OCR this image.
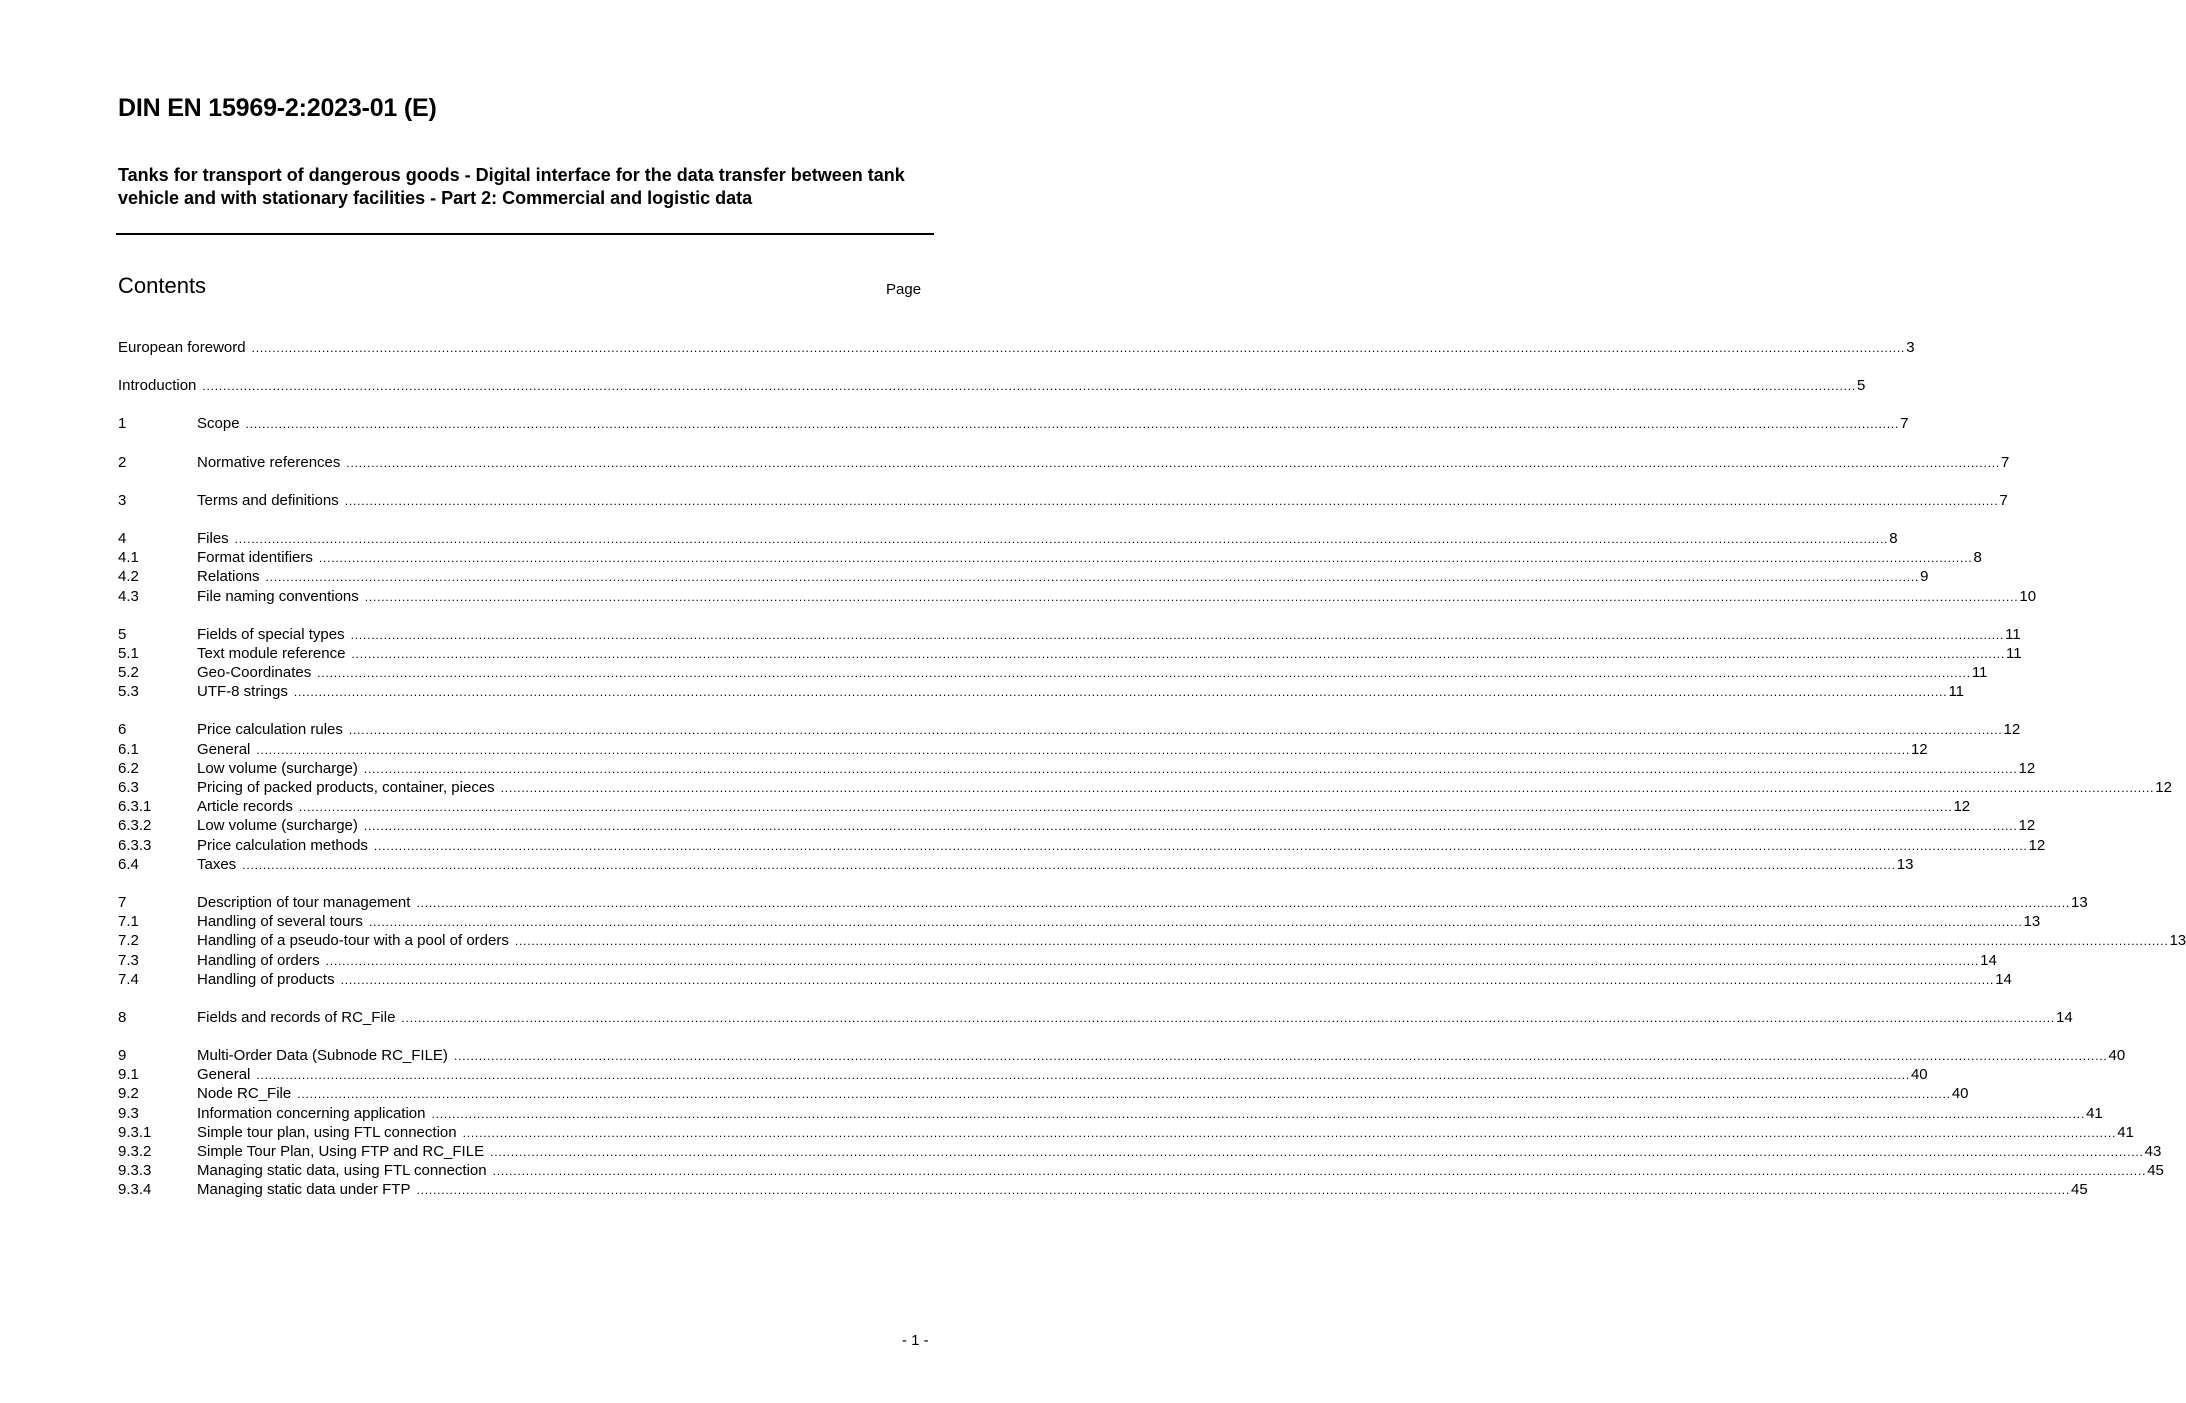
DIN EN 15969-2:2023-01 (E)
Tanks for transport of dangerous goods - Digital interface for the data transfer between tank vehicle and with stationary facilities - Part 2: Commercial and logistic data
Contents	Page
European foreword ................................................................................................................................................................................................................................................................................................................................................................................................................ 3
Introduction ................................................................................................................................................................................................................................................................................................................................................................................................................ 5
1	Scope ................................................................................................................................................................................................................................................................................................................................................................................................................ 7
2	Normative references ................................................................................................................................................................................................................................................................................................................................................................................................................ 7
3	Terms and definitions ................................................................................................................................................................................................................................................................................................................................................................................................................ 7
4	Files ................................................................................................................................................................................................................................................................................................................................................................................................................ 8
4.1	Format identifiers ................................................................................................................................................................................................................................................................................................................................................................................................................ 8
4.2	Relations ................................................................................................................................................................................................................................................................................................................................................................................................................ 9
4.3	File naming conventions ................................................................................................................................................................................................................................................................................................................................................................................................................ 10
5	Fields of special types ................................................................................................................................................................................................................................................................................................................................................................................................................ 11
5.1	Text module reference ................................................................................................................................................................................................................................................................................................................................................................................................................ 11
5.2	Geo-Coordinates ................................................................................................................................................................................................................................................................................................................................................................................................................ 11
5.3	UTF-8 strings ................................................................................................................................................................................................................................................................................................................................................................................................................ 11
6	Price calculation rules ................................................................................................................................................................................................................................................................................................................................................................................................................ 12
6.1	General ................................................................................................................................................................................................................................................................................................................................................................................................................ 12
6.2	Low volume (surcharge) ................................................................................................................................................................................................................................................................................................................................................................................................................ 12
6.3	Pricing of packed products, container, pieces ................................................................................................................................................................................................................................................................................................................................................................................................................ 12
6.3.1	Article records ................................................................................................................................................................................................................................................................................................................................................................................................................ 12
6.3.2	Low volume (surcharge) ................................................................................................................................................................................................................................................................................................................................................................................................................ 12
6.3.3	Price calculation methods ................................................................................................................................................................................................................................................................................................................................................................................................................ 12
6.4	Taxes ................................................................................................................................................................................................................................................................................................................................................................................................................ 13
7	Description of tour management ................................................................................................................................................................................................................................................................................................................................................................................................................ 13
7.1	Handling of several tours ................................................................................................................................................................................................................................................................................................................................................................................................................ 13
7.2	Handling of a pseudo-tour with a pool of orders ................................................................................................................................................................................................................................................................................................................................................................................................................ 13
7.3	Handling of orders ................................................................................................................................................................................................................................................................................................................................................................................................................ 14
7.4	Handling of products ................................................................................................................................................................................................................................................................................................................................................................................................................ 14
8	Fields and records of RC_File ................................................................................................................................................................................................................................................................................................................................................................................................................ 14
9	Multi-Order Data (Subnode RC_FILE) ................................................................................................................................................................................................................................................................................................................................................................................................................ 40
9.1	General ................................................................................................................................................................................................................................................................................................................................................................................................................ 40
9.2	Node RC_File ................................................................................................................................................................................................................................................................................................................................................................................................................ 40
9.3	Information concerning application ................................................................................................................................................................................................................................................................................................................................................................................................................ 41
9.3.1	Simple tour plan, using FTL connection ................................................................................................................................................................................................................................................................................................................................................................................................................ 41
9.3.2	Simple Tour Plan, Using FTP and RC_FILE ................................................................................................................................................................................................................................................................................................................................................................................................................ 43
9.3.3	Managing static data, using FTL connection ................................................................................................................................................................................................................................................................................................................................................................................................................ 45
9.3.4	Managing static data under FTP ................................................................................................................................................................................................................................................................................................................................................................................................................ 45
- 1 -
